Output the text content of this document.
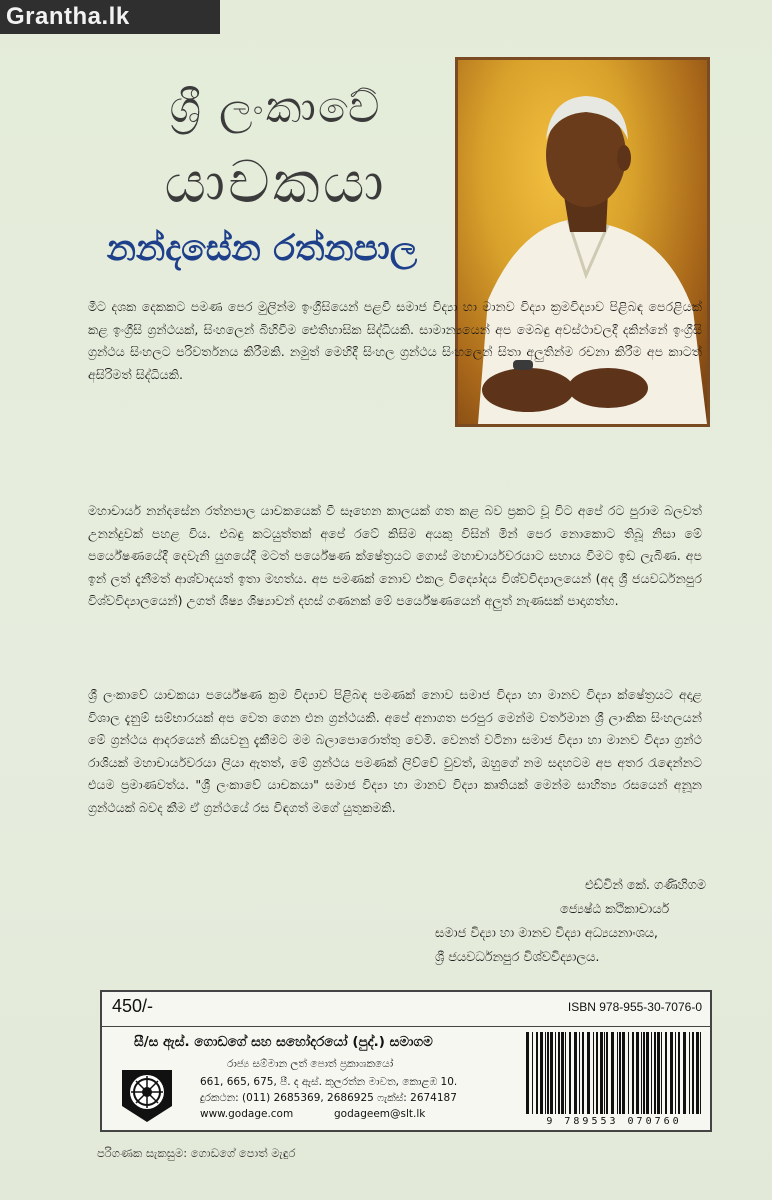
Grantha.lk
ශ්‍රී ලංකාවේ
යාචකයා
නන්දසේන රත්නපාල
මීට දශක දෙකකට පමණ පෙර මුලින්ම ඉංග්‍රීසියෙන් පළවී සමාජ විද්‍යා හා මානව විද්‍යා ක්‍රමවිද්‍යාව පිළිබඳ පෙරළියක් කළ ඉංග්‍රීසි ග්‍රන්ථයක්, සිංහලෙන් බිහිවීම ඓතිහාසික සිද්ධියකි. සාමාන්‍යයෙන් අප මෙබඳු අවස්ථාවලදී දකින්නේ ඉංග්‍රීසි ග්‍රන්ථය සිංහලට පරිවර්තනය කිරීමකි. නමුත් මෙහිදී සිංහල ග්‍රන්ථය සිංහලෙන් සිතා අලුතින්ම රචනා කිරීම අප කාටත් අසිරිමත් සිද්ධියකි.
මහාචාර්ය නන්දසේන රත්නපාල යාචකයෙක් වී සෑහෙන කාලයක් ගත කළ බව ප්‍රකට වූ විට අපේ රට පුරාම බලවත් උනන්දුවක් පහළ විය. එබඳු කටයුත්තක් අපේ රටේ කිසිම අයකු විසින් මින් පෙර නොකොට තිබූ නිසා මේ පර්යේෂණයේදී දෙවැනි යුගයේදී මටත් පර්යේෂණ ක්ෂේත්‍රයට ගොස් මහාචාර්යවරයාට සහාය වීමට ඉඩ ලැබිණ. අප ඉන් ලත් දැනීමත් ආශ්වාදයත් ඉතා මහත්ය. අප පමණක් නොව එකල විද්‍යෝදය විශ්වවිද්‍යාලයෙන් (අද ශ්‍රී ජයවර්ධනපුර විශ්වවිද්‍යාලයෙන්) උගත් ශිෂ්‍ය ශිෂ්‍යාවන් දහස් ගණනක් මේ පර්යේෂණයෙන් අලුත් නැණසක් පාදාගත්හ.
ශ්‍රී ලංකාවේ යාචකයා පර්යේෂණ ක්‍රම විද්‍යාව පිළිබඳ පමණක් නොව සමාජ විද්‍යා හා මානව විද්‍යා ක්ෂේත්‍රයට අදාළ විශාල දැනුම් සම්භාරයක් අප වෙත ගෙන එන ග්‍රන්ථයකි. අපේ අනාගත පරපුර මෙන්ම වර්තමාන ශ්‍රී ලාංකික සිංහලයන් මේ ග්‍රන්ථය ආදරයෙන් කියවනු දැකීමට මම බලාපොරොත්තු වෙමි. වෙනත් වටිනා සමාජ විද්‍යා හා මානව විද්‍යා ග්‍රන්ථ රාශියක් මහාචාර්යවරයා ලියා ඇතත්, මේ ග්‍රන්ථය පමණක් ලිව්වේ වුවත්, ඔහුගේ නම සදහටම අප අතර රැඳෙන්නට එයම ප්‍රමාණවත්ය. "ශ්‍රී ලංකාවේ යාචකයා" සමාජ විද්‍යා හා මානව විද්‍යා කෘතියක් මෙන්ම සාහිත්‍ය රසයෙන් අනූන ග්‍රන්ථයක් බවද කීම ඒ ග්‍රන්ථයේ රස විඳගත් මගේ යුතුකමකි.
එඩ්වින් කේ. ගණිහිගම
ජ්‍යෙෂ්ඨ කථිකාචාර්ය
සමාජ විද්‍යා හා මානව විද්‍යා අධ්‍යයනාංශය,
ශ්‍රී ජයවර්ධනපුර විශ්වවිද්‍යාලය.
450/-	ISBN 978-955-30-7076-0
සී/ස ඇස්. ගොඩගේ සහ සහෝදරයෝ (පුද්.) සමාගම
රාජ්‍ය සම්මාන ලත් පොත් ප්‍රකාශකයෝ
661, 665, 675, පී. ද ඇස්. කුලරත්න මාවත, කොළඹ 10.
දුරකථන: (011) 2685369, 2686925 ෆැක්ස්: 2674187
www.godage.com	godageem@slt.lk
9 789553 070760
පරිගණක සැකසුම: ගොඩගේ පොත් මැඳුර
